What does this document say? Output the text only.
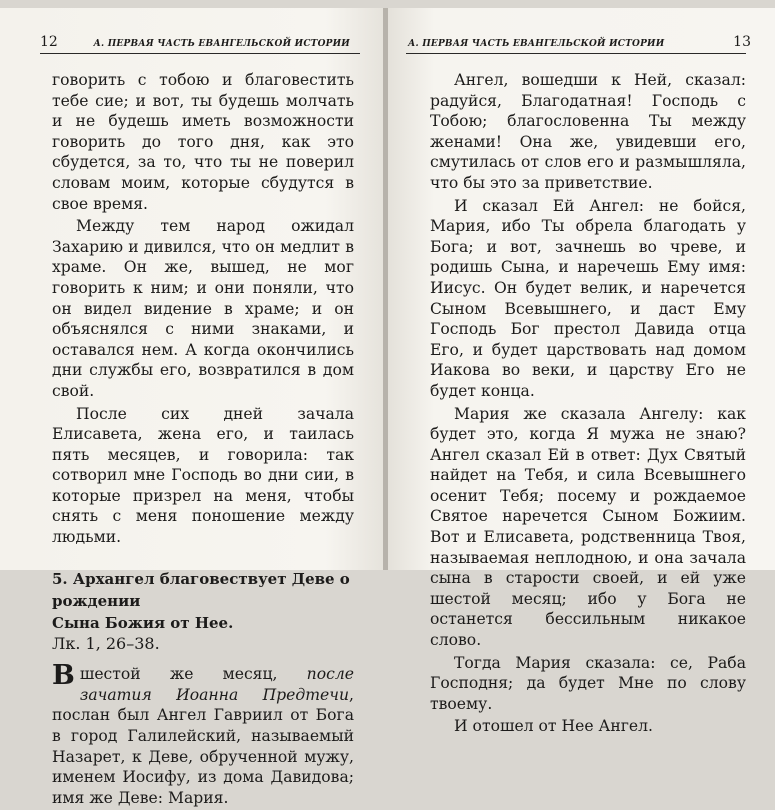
12	А. ПЕРВАЯ ЧАСТЬ ЕВАНГЕЛЬСКОЙ ИСТОРИИ

говорить с тобою и благовестить тебе сие; и вот, ты будешь молчать и не будешь иметь возможности говорить до того дня, как это сбудется, за то, что ты не поверил словам моим, которые сбудутся в свое время.

Между тем народ ожидал Захарию и дивился, что он медлит в храме. Он же, вышед, не мог говорить к ним; и они поняли, что он видел видение в храме; и он объяснялся с ними знаками, и оставался нем. А когда окончились дни службы его, возвратился в дом свой.

После сих дней зачала Елисавета, жена его, и таилась пять месяцев, и говорила: так сотворил мне Господь во дни сии, в которые призрел на меня, чтобы снять с меня поношение между людьми.

5. Архангел благовествует Деве о рождении
Сына Божия от Нее.
Лк. 1, 26–38.

В шестой же месяц, после зачатия Иоанна Предтечи, послан был Ангел Гавриил от Бога в город Галилейский, называемый Назарет, к Деве, обрученной мужу, именем Иосифу, из дома Давидова; имя же Деве: Мария.

А. ПЕРВАЯ ЧАСТЬ ЕВАНГЕЛЬСКОЙ ИСТОРИИ	13

Ангел, вошедши к Ней, сказал: радуйся, Благодатная! Господь с Тобою; благословенна Ты между женами! Она же, увидевши его, смутилась от слов его и размышляла, что бы это за приветствие.

И сказал Ей Ангел: не бойся, Мария, ибо Ты обрела благодать у Бога; и вот, зачнешь во чреве, и родишь Сына, и наречешь Ему имя: Иисус. Он будет велик, и наречется Сыном Всевышнего, и даст Ему Господь Бог престол Давида отца Его, и будет царствовать над домом Иакова во веки, и царству Его не будет конца.

Мария же сказала Ангелу: как будет это, когда Я мужа не знаю? Ангел сказал Ей в ответ: Дух Святый найдет на Тебя, и сила Всевышнего осенит Тебя; посему и рождаемое Святое наречется Сыном Божиим. Вот и Елисавета, родственница Твоя, называемая неплодною, и она зачала сына в старости своей, и ей уже шестой месяц; ибо у Бога не останется бессильным никакое слово.

Тогда Мария сказала: се, Раба Господня; да будет Мне по слову твоему.

И отошел от Нее Ангел.
